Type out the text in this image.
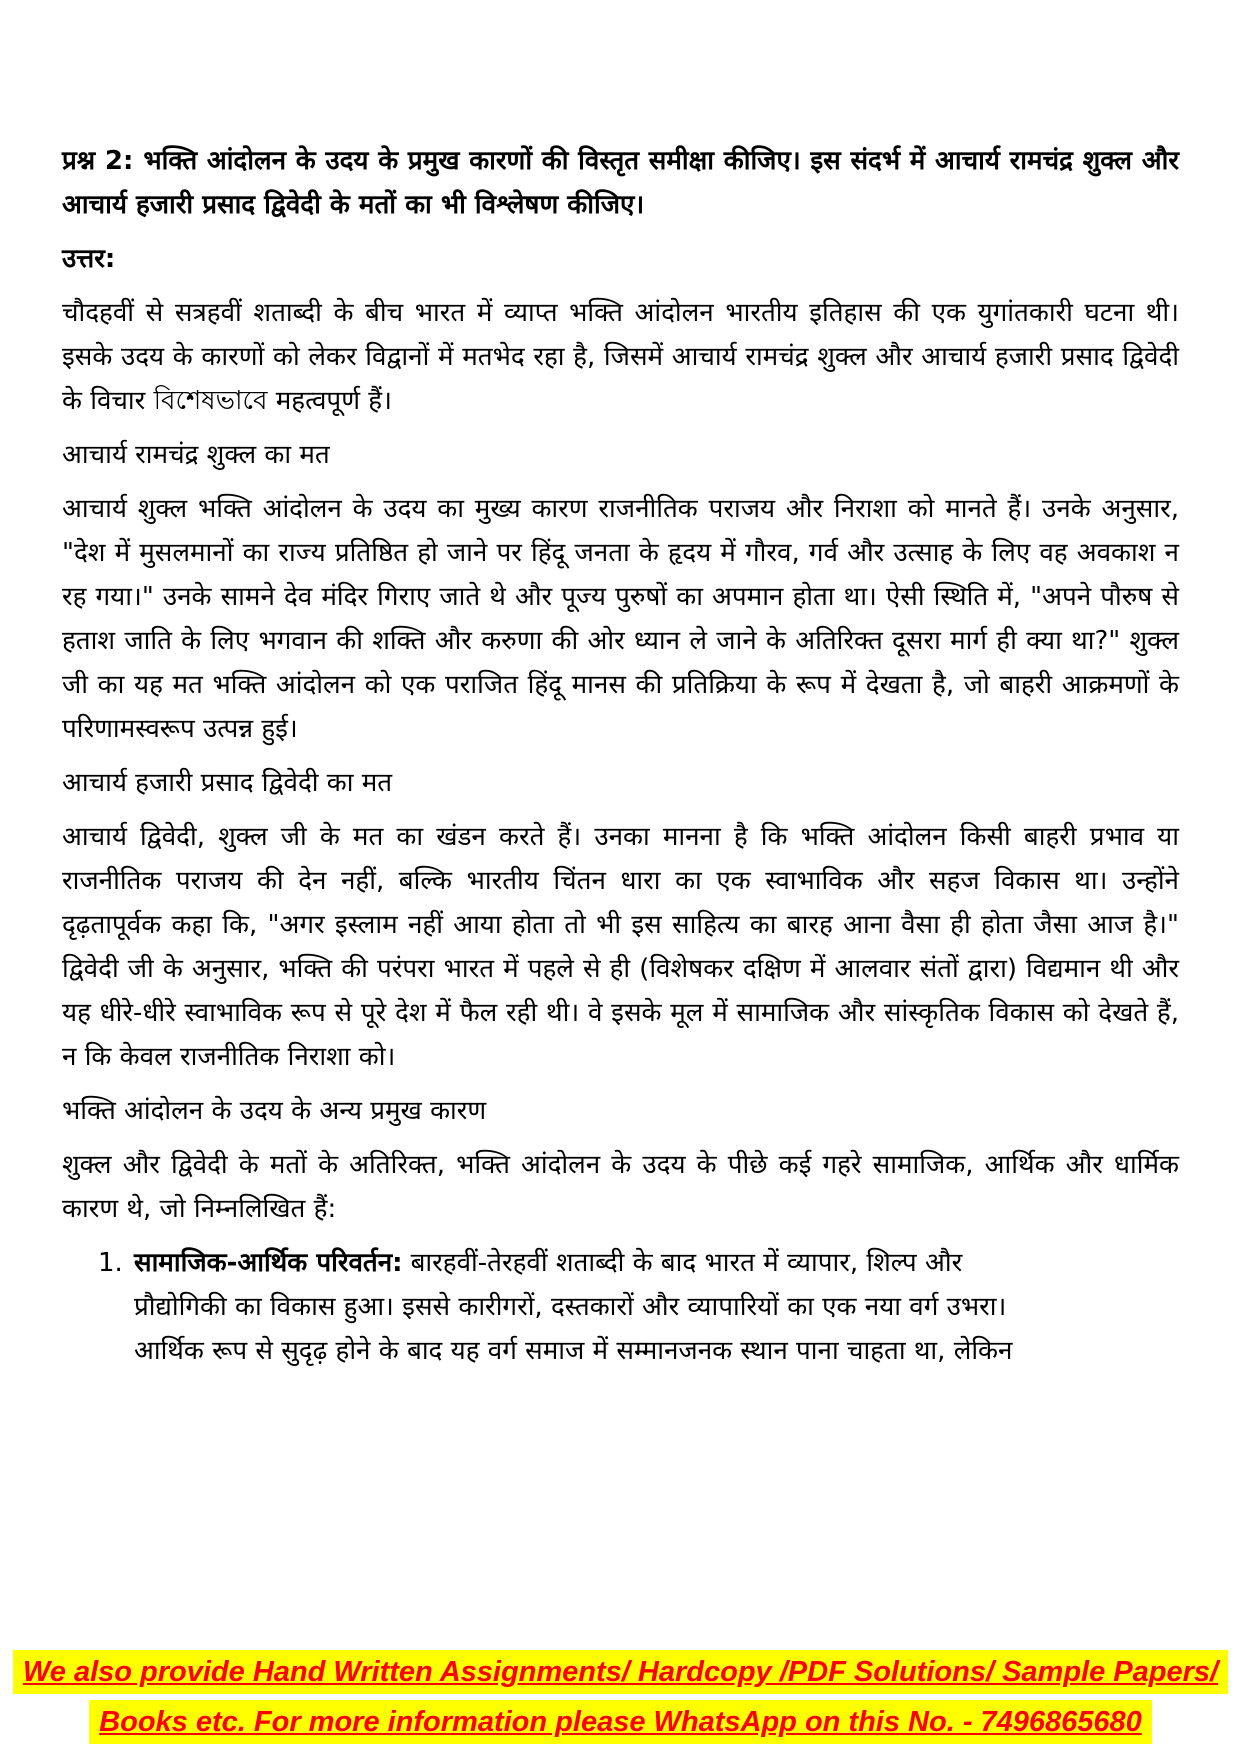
प्रश्न 2: भक्ति आंदोलन के उदय के प्रमुख कारणों की विस्तृत समीक्षा कीजिए। इस संदर्भ में आचार्य रामचंद्र शुक्ल और आचार्य हजारी प्रसाद द्विवेदी के मतों का भी विश्लेषण कीजिए।
उत्तर:
चौदहवीं से सत्रहवीं शताब्दी के बीच भारत में व्याप्त भक्ति आंदोलन भारतीय इतिहास की एक युगांतकारी घटना थी। इसके उदय के कारणों को लेकर विद्वानों में मतभेद रहा है, जिसमें आचार्य रामचंद्र शुक्ल और आचार्य हजारी प्रसाद द्विवेदी के विचार বিশেষভাবে महत्वपूर्ण हैं।
आचार्य रामचंद्र शुक्ल का मत
आचार्य शुक्ल भक्ति आंदोलन के उदय का मुख्य कारण राजनीतिक पराजय और निराशा को मानते हैं। उनके अनुसार, "देश में मुसलमानों का राज्य प्रतिष्ठित हो जाने पर हिंदू जनता के हृदय में गौरव, गर्व और उत्साह के लिए वह अवकाश न रह गया।" उनके सामने देव मंदिर गिराए जाते थे और पूज्य पुरुषों का अपमान होता था। ऐसी स्थिति में, "अपने पौरुष से हताश जाति के लिए भगवान की शक्ति और करुणा की ओर ध्यान ले जाने के अतिरिक्त दूसरा मार्ग ही क्या था?" शुक्ल जी का यह मत भक्ति आंदोलन को एक पराजित हिंदू मानस की प्रतिक्रिया के रूप में देखता है, जो बाहरी आक्रमणों के परिणामस्वरूप उत्पन्न हुई।
आचार्य हजारी प्रसाद द्विवेदी का मत
आचार्य द्विवेदी, शुक्ल जी के मत का खंडन करते हैं। उनका मानना है कि भक्ति आंदोलन किसी बाहरी प्रभाव या राजनीतिक पराजय की देन नहीं, बल्कि भारतीय चिंतन धारा का एक स्वाभाविक और सहज विकास था। उन्होंने दृढ़तापूर्वक कहा कि, "अगर इस्लाम नहीं आया होता तो भी इस साहित्य का बारह आना वैसा ही होता जैसा आज है।" द्विवेदी जी के अनुसार, भक्ति की परंपरा भारत में पहले से ही (विशेषकर दक्षिण में आलवार संतों द्वारा) विद्यमान थी और यह धीरे-धीरे स्वाभाविक रूप से पूरे देश में फैल रही थी। वे इसके मूल में सामाजिक और सांस्कृतिक विकास को देखते हैं, न कि केवल राजनीतिक निराशा को।
भक्ति आंदोलन के उदय के अन्य प्रमुख कारण
शुक्ल और द्विवेदी के मतों के अतिरिक्त, भक्ति आंदोलन के उदय के पीछे कई गहरे सामाजिक, आर्थिक और धार्मिक कारण थे, जो निम्नलिखित हैं:
1. सामाजिक-आर्थिक परिवर्तन: बारहवीं-तेरहवीं शताब्दी के बाद भारत में व्यापार, शिल्प और प्रौद्योगिकी का विकास हुआ। इससे कारीगरों, दस्तकारों और व्यापारियों का एक नया वर्ग उभरा। आर्थिक रूप से सुदृढ़ होने के बाद यह वर्ग समाज में सम्मानजनक स्थान पाना चाहता था, लेकिन
We also provide Hand Written Assignments/ Hardcopy /PDF Solutions/ Sample Papers/
Books etc. For more information please WhatsApp on this No. - 7496865680
